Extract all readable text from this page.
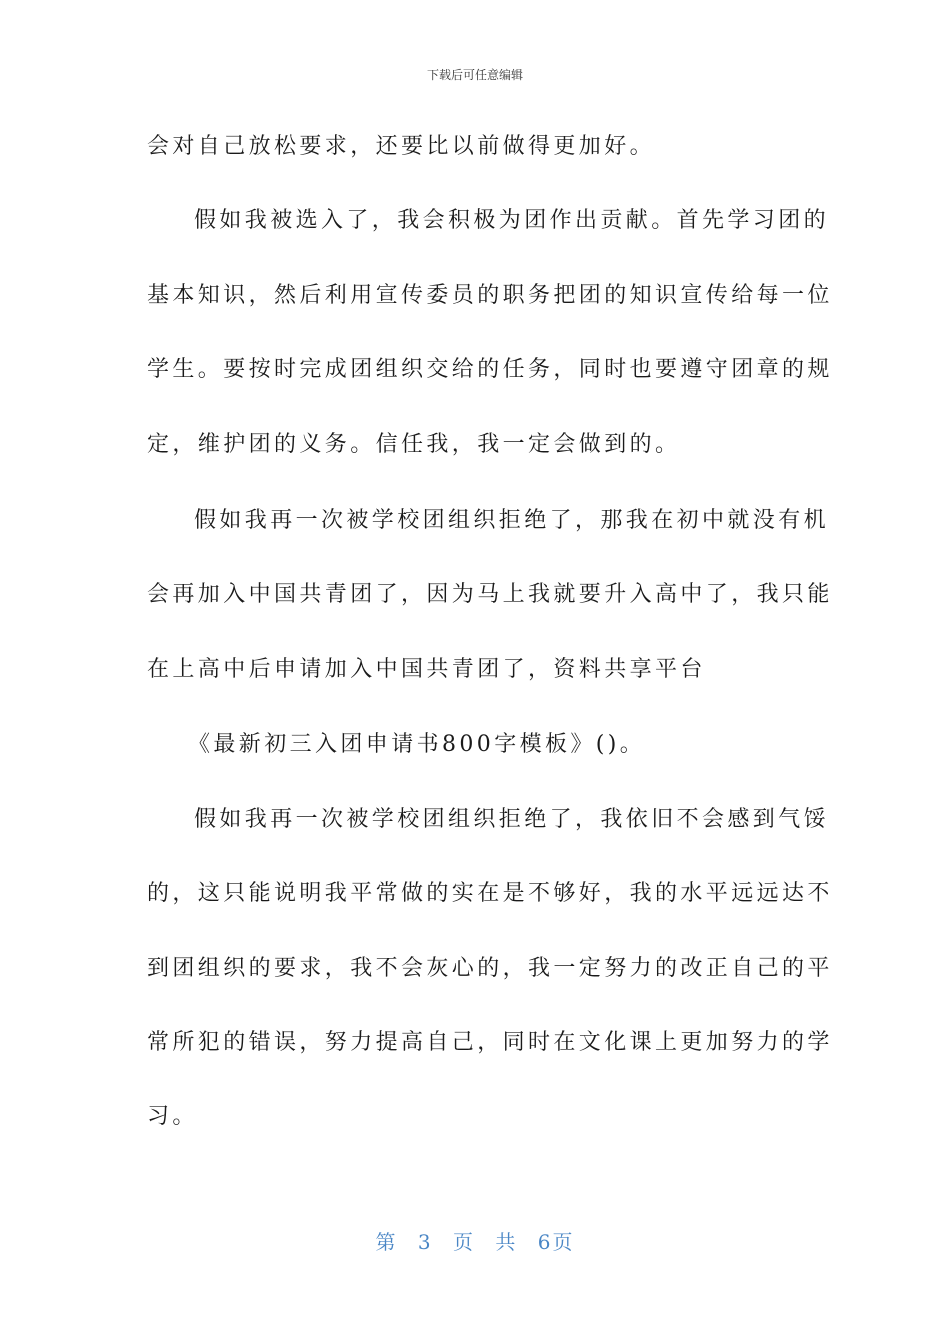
下载后可任意编辑
会对自己放松要求，还要比以前做得更加好。
假如我被选入了，我会积极为团作出贡献。首先学习团的
基本知识，然后利用宣传委员的职务把团的知识宣传给每一位
学生。要按时完成团组织交给的任务，同时也要遵守团章的规
定，维护团的义务。信任我，我一定会做到的。
假如我再一次被学校团组织拒绝了，那我在初中就没有机
会再加入中国共青团了，因为马上我就要升入高中了，我只能
在上高中后申请加入中国共青团了，资料共享平台
《最新初三入团申请书800字模板》()。
假如我再一次被学校团组织拒绝了，我依旧不会感到气馁
的，这只能说明我平常做的实在是不够好，我的水平远远达不
到团组织的要求，我不会灰心的，我一定努力的改正自己的平
常所犯的错误，努力提高自己，同时在文化课上更加努力的学
习。
第 3 页 共 6页
